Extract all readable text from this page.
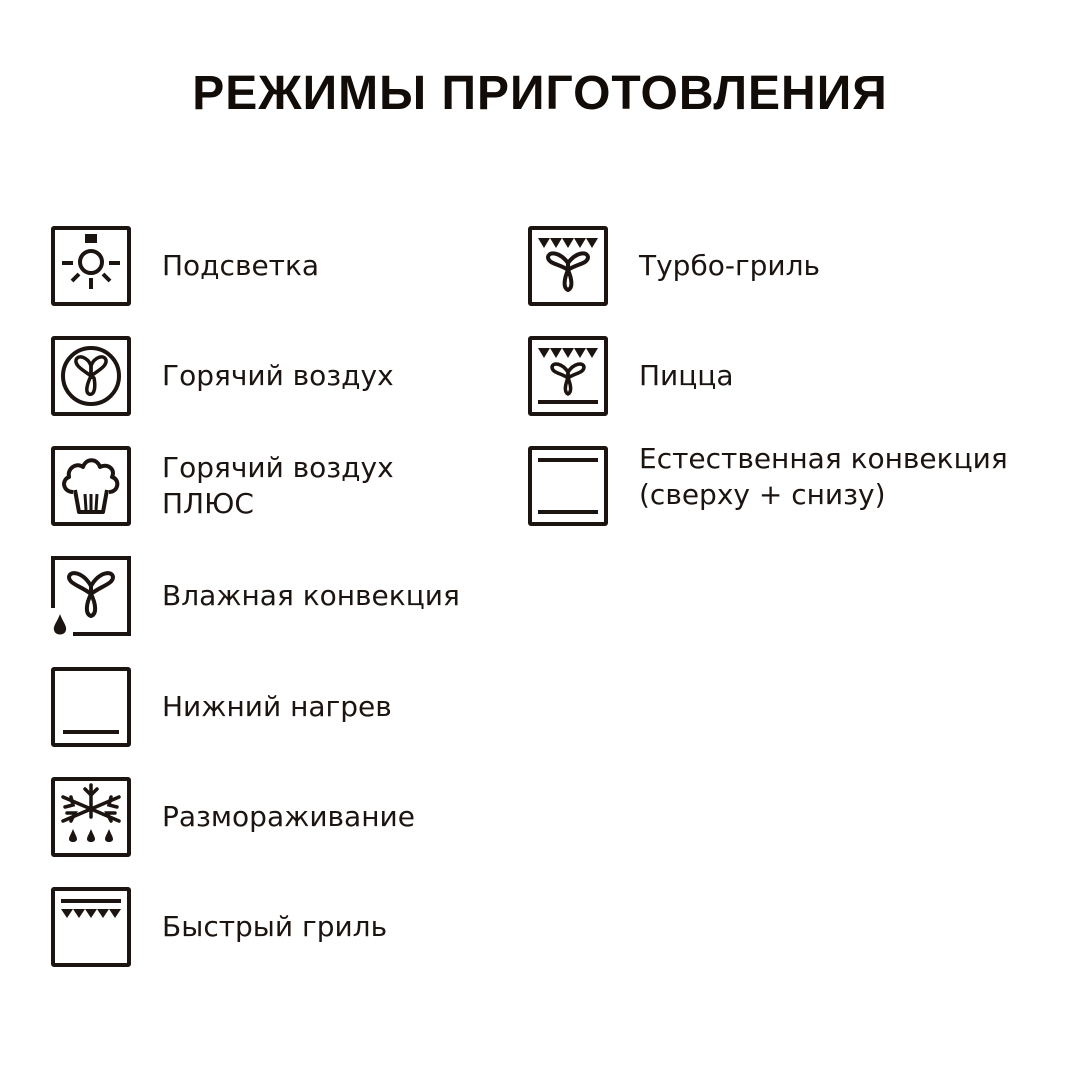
РЕЖИМЫ ПРИГОТОВЛЕНИЯ
Подсветка
Горячий воздух
Горячий воздух
ПЛЮС
Влажная конвекция
Нижний нагрев
Размораживание
Быстрый гриль
Турбо-гриль
Пицца
Естественная конвекция
(сверху + снизу)
